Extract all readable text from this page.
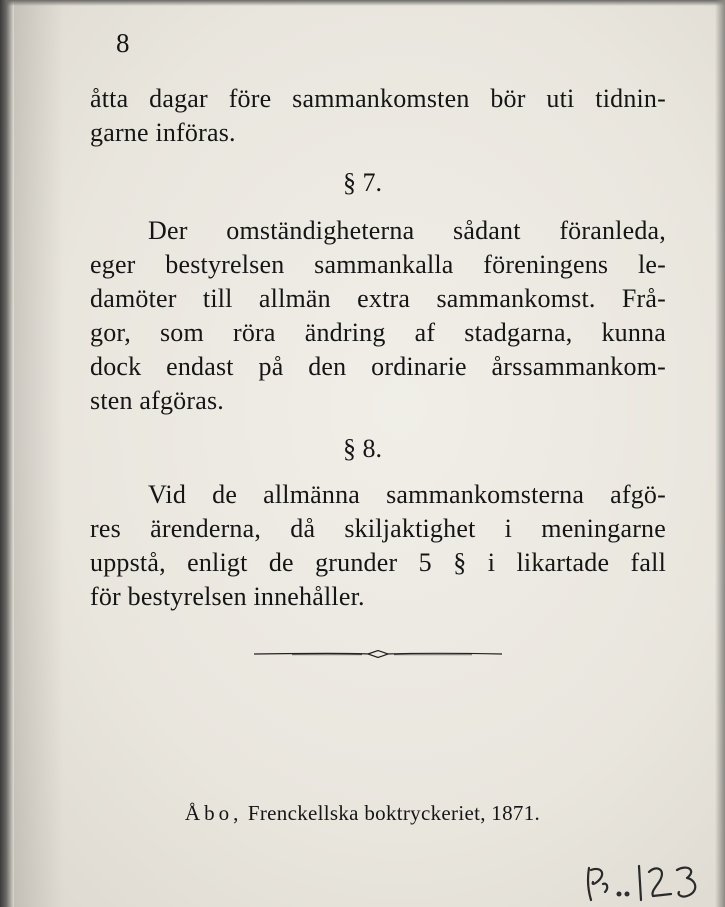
8
åtta dagar före sammankomsten bör uti tidnin-
garne införas.
§ 7.
Der omständigheterna sådant föranleda,
eger bestyrelsen sammankalla föreningens le-
damöter till allmän extra sammankomst. Frå-
gor, som röra ändring af stadgarna, kunna
dock endast på den ordinarie årssammankom-
sten afgöras.
§ 8.
Vid de allmänna sammankomsterna afgö-
res ärenderna, då skiljaktighet i meningarne
uppstå, enligt de grunder 5 § i likartade fall
för bestyrelsen innehåller.
Åbo, Frenckellska boktryckeriet, 1871.
